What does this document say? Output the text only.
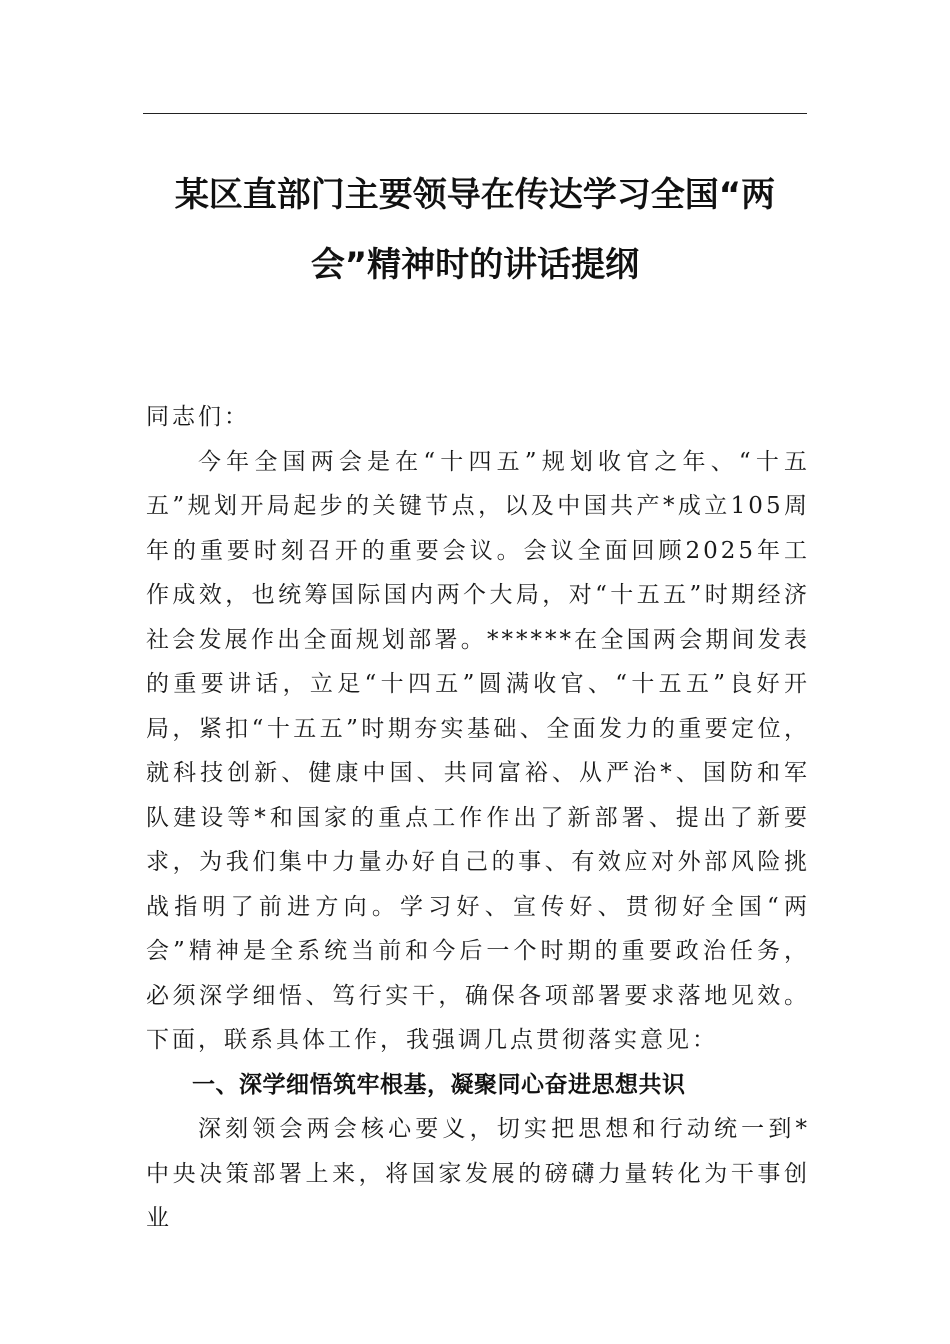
某区直部门主要领导在传达学习全国“两会”精神时的讲话提纲

同志们：

今年全国两会是在“十四五”规划收官之年、“十五五”规划开局起步的关键节点，以及中国共产*成立105周年的重要时刻召开的重要会议。会议全面回顾2025年工作成效，也统筹国际国内两个大局，对“十五五”时期经济社会发展作出全面规划部署。******在全国两会期间发表的重要讲话，立足“十四五”圆满收官、“十五五”良好开局，紧扣“十五五”时期夯实基础、全面发力的重要定位，就科技创新、健康中国、共同富裕、从严治*、国防和军队建设等*和国家的重点工作作出了新部署、提出了新要求，为我们集中力量办好自己的事、有效应对外部风险挑战指明了前进方向。学习好、宣传好、贯彻好全国“两会”精神是全系统当前和今后一个时期的重要政治任务，必须深学细悟、笃行实干，确保各项部署要求落地见效。下面，联系具体工作，我强调几点贯彻落实意见：

一、深学细悟筑牢根基，凝聚同心奋进思想共识

深刻领会两会核心要义，切实把思想和行动统一到*中央决策部署上来，将国家发展的磅礴力量转化为干事创业
